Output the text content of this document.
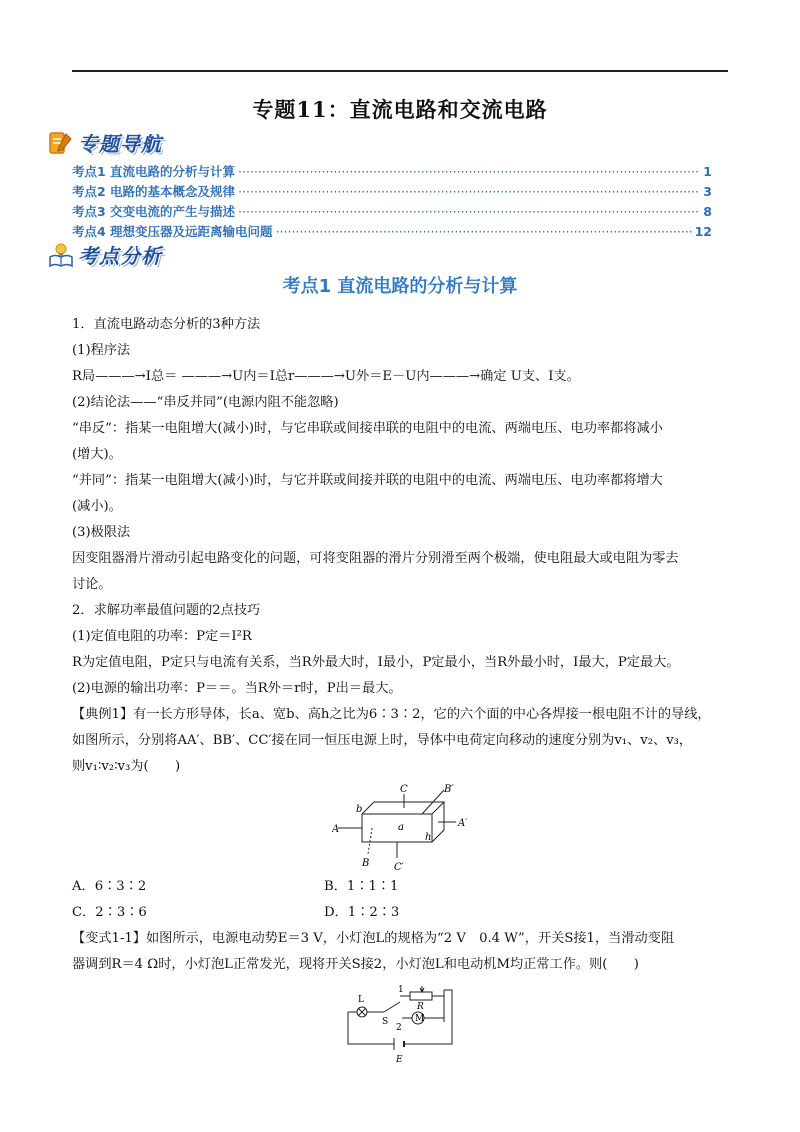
专题11：直流电路和交流电路
专题导航
考点1 直流电路的分析与计算 ·····	1
考点2 电路的基本概念及规律 ·····	3
考点3 交变电流的产生与描述 ·····	8
考点4 理想变压器及远距离输电问题 ·····	12
考点分析
考点1 直流电路的分析与计算

1．直流电路动态分析的3种方法

(1)程序法

R局———→I总＝ ———→U内＝I总r———→U外＝E－U内———→确定 U支、I支。

(2)结论法——“串反并同”(电源内阻不能忽略)

“串反”：指某一电阻增大(减小)时，与它串联或间接串联的电阻中的电流、两端电压、电功率都将减小

(增大)。

“并同”：指某一电阻增大(减小)时，与它并联或间接并联的电阻中的电流、两端电压、电功率都将增大

(减小)。

(3)极限法

因变阻器滑片滑动引起电路变化的问题，可将变阻器的滑片分别滑至两个极端，使电阻最大或电阻为零去

讨论。

2．求解功率最值问题的2点技巧

(1)定值电阻的功率：P定＝I²R

R为定值电阻，P定只与电流有关系，当R外最大时，I最小，P定最小，当R外最小时，I最大，P定最大。

(2)电源的输出功率：P＝＝。当R外＝r时，P出＝最大。

【典例1】有一长方形导体，长a、宽b、高h之比为6∶3∶2，它的六个面的中心各焊接一根电阻不计的导线，

如图所示，分别将AA′、BB′、CC′接在同一恒压电源上时，导体中电荷定向移动的速度分别为v₁、v₂、v₃，

则v₁∶v₂∶v₃为(　　)

A
A′
C
C′
B
B′
a
b
h
A．6∶3∶2	B．1∶1∶1
C．2∶3∶6	D．1∶2∶3

【变式1-1】如图所示，电源电动势E＝3 V，小灯泡L的规格为“2 V　0.4 W”，开关S接1，当滑动变阻

器调到R＝4 Ω时，小灯泡L正常发光，现将开关S接2，小灯泡L和电动机M均正常工作。则(　　)

L
S
1
2
R
M
E
